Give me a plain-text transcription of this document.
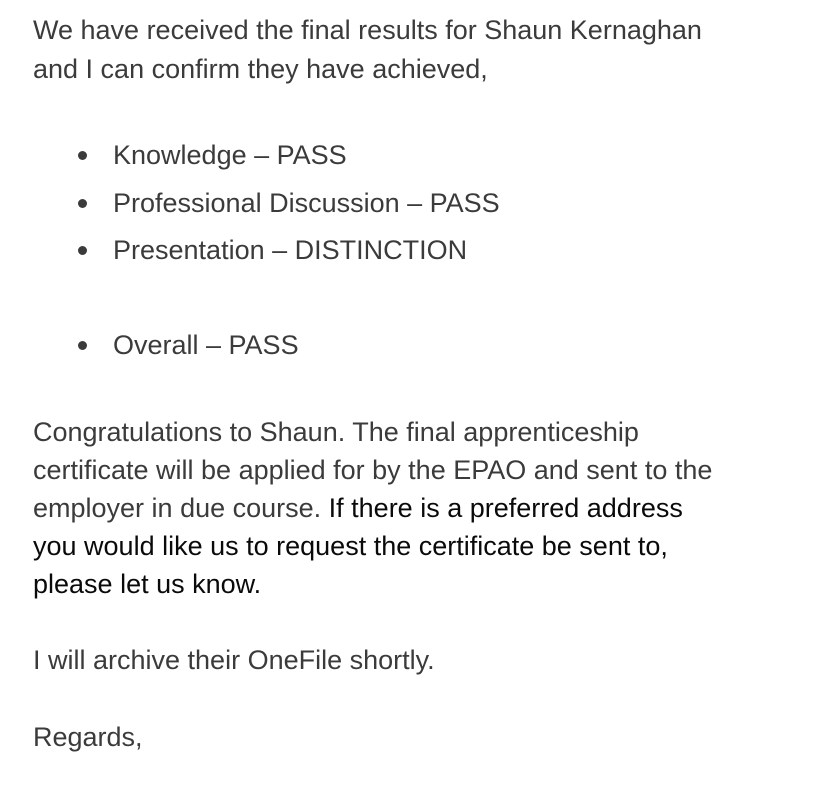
We have received the final results for Shaun Kernaghan
and I can confirm they have achieved,
Knowledge – PASS
Professional Discussion – PASS
Presentation – DISTINCTION
Overall – PASS
Congratulations to Shaun. The final apprenticeship
certificate will be applied for by the EPAO and sent to the
employer in due course. If there is a preferred address
you would like us to request the certificate be sent to,
please let us know.
I will archive their OneFile shortly.
Regards,
